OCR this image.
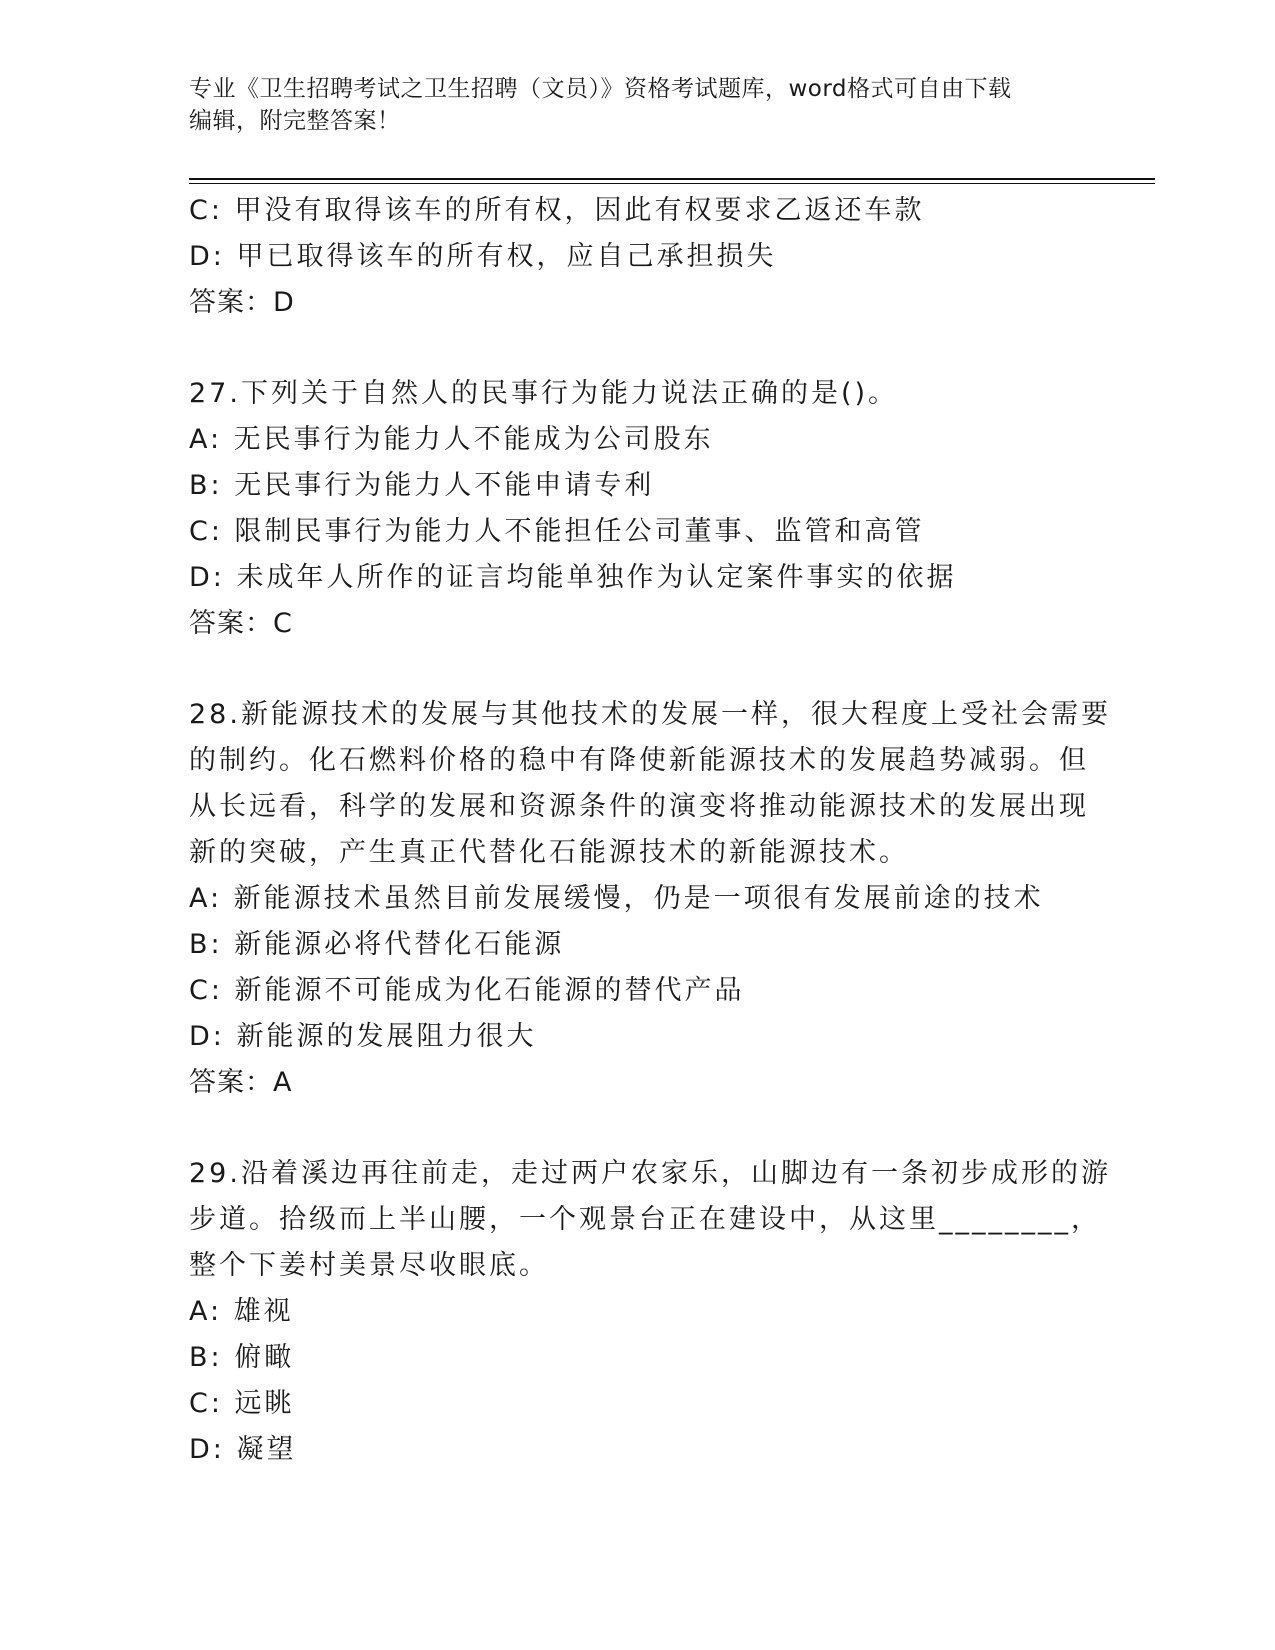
专业《卫生招聘考试之卫生招聘（文员）》资格考试题库，word格式可自由下载
编辑，附完整答案！
C: 甲没有取得该车的所有权，因此有权要求乙返还车款
D: 甲已取得该车的所有权，应自己承担损失
答案：D
27.下列关于自然人的民事行为能力说法正确的是()。
A: 无民事行为能力人不能成为公司股东
B: 无民事行为能力人不能申请专利
C: 限制民事行为能力人不能担任公司董事、监管和高管
D: 未成年人所作的证言均能单独作为认定案件事实的依据
答案：C
28.新能源技术的发展与其他技术的发展一样，很大程度上受社会需要
的制约。化石燃料价格的稳中有降使新能源技术的发展趋势减弱。但
从长远看，科学的发展和资源条件的演变将推动能源技术的发展出现
新的突破，产生真正代替化石能源技术的新能源技术。
A: 新能源技术虽然目前发展缓慢，仍是一项很有发展前途的技术
B: 新能源必将代替化石能源
C: 新能源不可能成为化石能源的替代产品
D: 新能源的发展阻力很大
答案：A
29.沿着溪边再往前走，走过两户农家乐，山脚边有一条初步成形的游
步道。拾级而上半山腰，一个观景台正在建设中，从这里________，
整个下姜村美景尽收眼底。
A: 雄视
B: 俯瞰
C: 远眺
D: 凝望
